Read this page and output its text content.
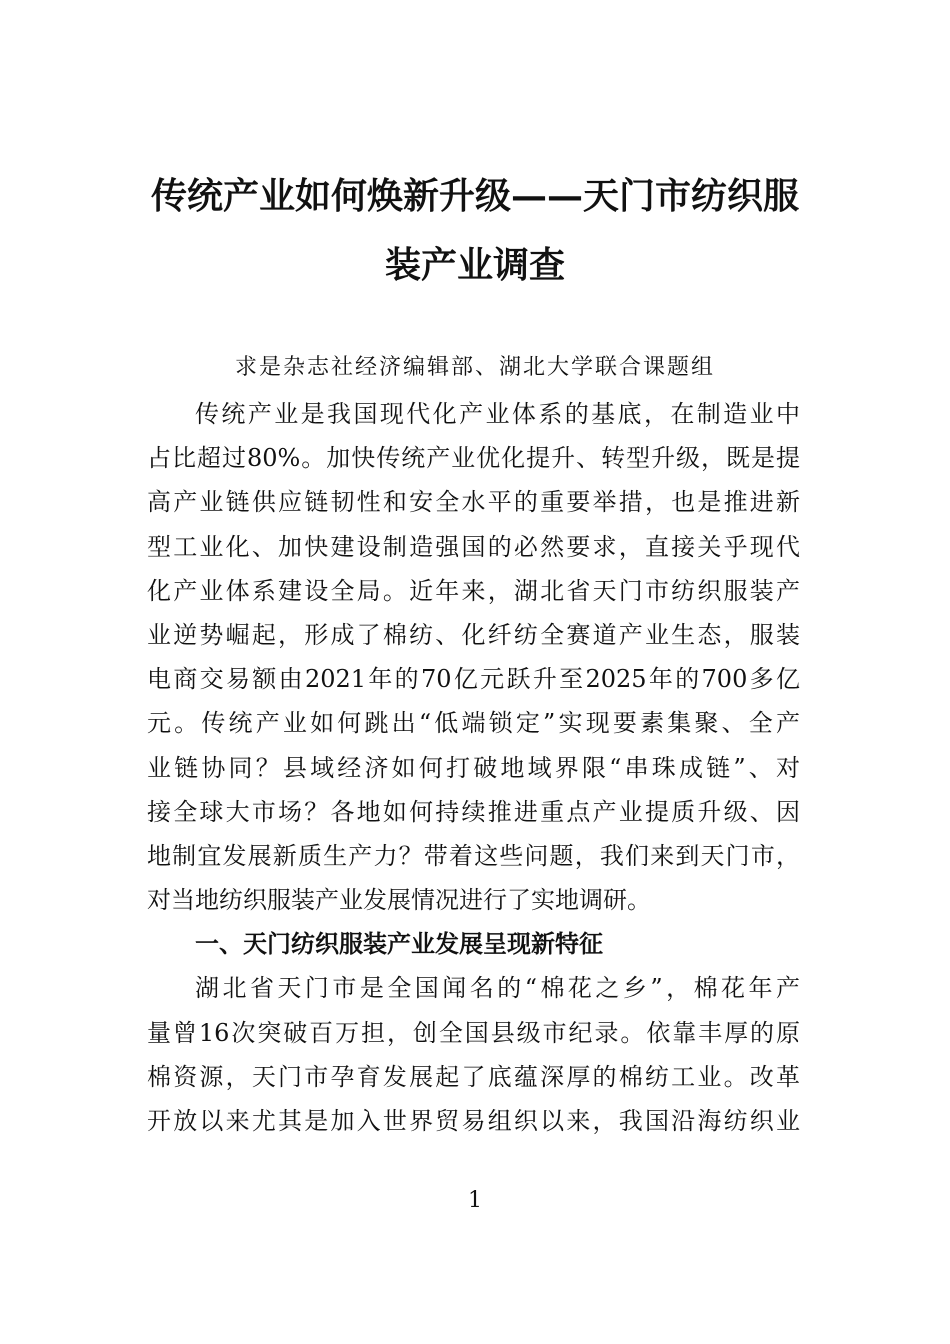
传统产业如何焕新升级——天门市纺织服
装产业调查
求是杂志社经济编辑部、湖北大学联合课题组
传统产业是我国现代化产业体系的基底，在制造业中
占比超过80%。加快传统产业优化提升、转型升级，既是提
高产业链供应链韧性和安全水平的重要举措，也是推进新
型工业化、加快建设制造强国的必然要求，直接关乎现代
化产业体系建设全局。近年来，湖北省天门市纺织服装产
业逆势崛起，形成了棉纺、化纤纺全赛道产业生态，服装
电商交易额由2021年的70亿元跃升至2025年的700多亿
元。传统产业如何跳出“低端锁定”实现要素集聚、全产
业链协同？县域经济如何打破地域界限“串珠成链”、对
接全球大市场？各地如何持续推进重点产业提质升级、因
地制宜发展新质生产力？带着这些问题，我们来到天门市，
对当地纺织服装产业发展情况进行了实地调研。
一、天门纺织服装产业发展呈现新特征
湖北省天门市是全国闻名的“棉花之乡”，棉花年产
量曾16次突破百万担，创全国县级市纪录。依靠丰厚的原
棉资源，天门市孕育发展起了底蕴深厚的棉纺工业。改革
开放以来尤其是加入世界贸易组织以来，我国沿海纺织业
1
